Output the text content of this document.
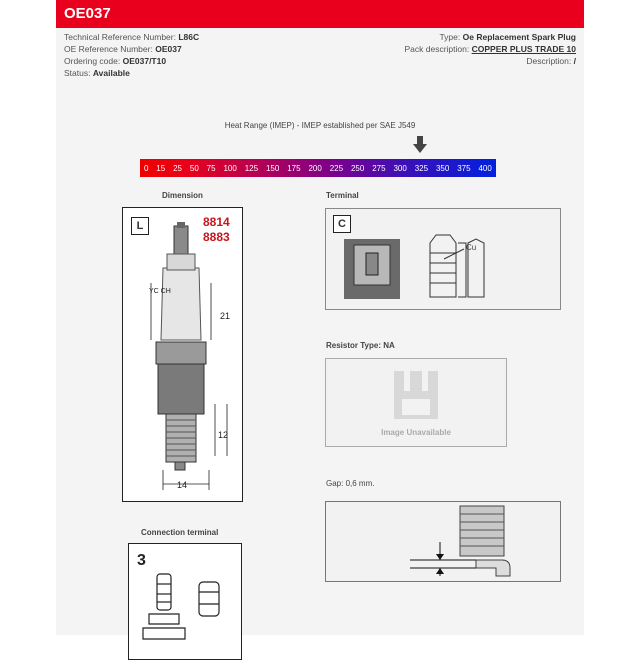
OE037
Technical Reference Number: L86C
OE Reference Number: OE037
Ordering code: OE037/T10
Status: Available
Type: Oe Replacement Spark Plug
Pack description: COPPER PLUS TRADE 10
Description: /
Heat Range (IMEP) - IMEP established per SAE J549
0 15 25 50 75 100 125 150 175 200 225 250 275 300 325 350 375 400
Dimension
L	8814
8883
YC CH
21
12
14
Terminal
C
Cu
Resistor Type: NA
Image Unavailable
Gap: 0,6 mm.
Connection terminal
3
